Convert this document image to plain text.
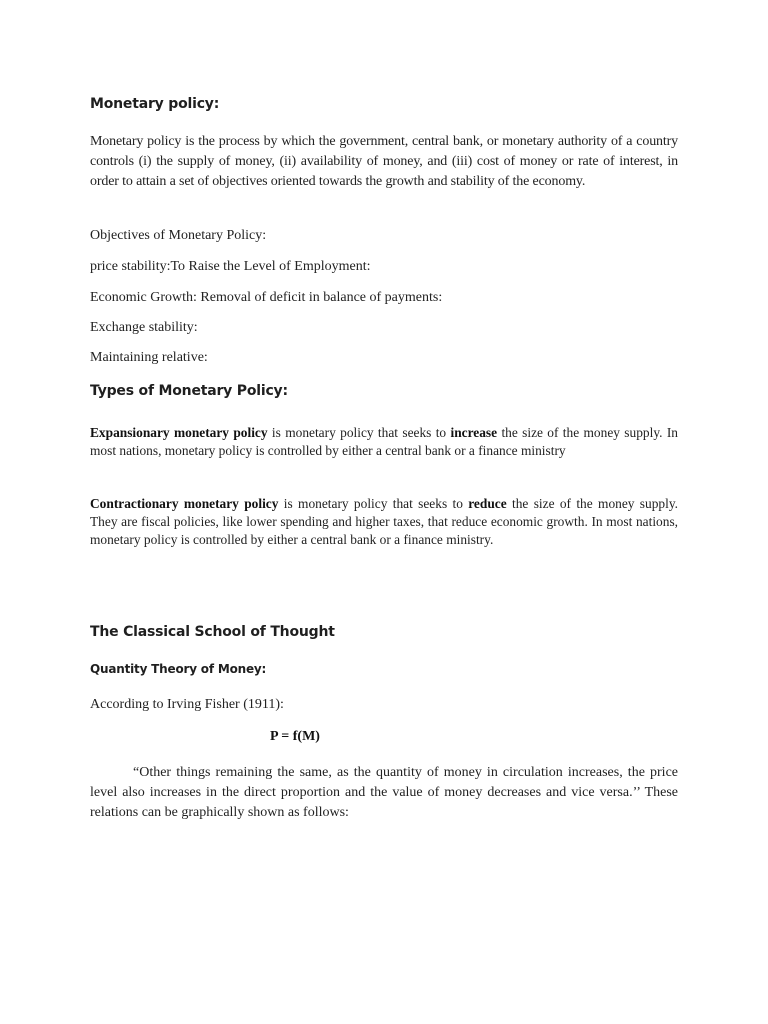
Monetary policy:

Monetary policy is the process by which the government, central bank, or monetary authority of a country controls (i) the supply of money, (ii) availability of money, and (iii) cost of money or rate of interest, in order to attain a set of objectives oriented towards the growth and stability of the economy.

Objectives of Monetary Policy:

price stability:To Raise the Level of Employment:

Economic Growth: Removal of deficit in balance of payments:

Exchange stability:

Maintaining relative:

Types of Monetary Policy:

Expansionary monetary policy is monetary policy that seeks to increase the size of the money supply. In most nations, monetary policy is controlled by either a central bank or a finance ministry

Contractionary monetary policy is monetary policy that seeks to reduce the size of the money supply. They are fiscal policies, like lower spending and higher taxes, that reduce economic growth. In most nations, monetary policy is controlled by either a central bank or a finance ministry.

The Classical School of Thought
Quantity Theory of Money:

According to Irving Fisher (1911):

P = f(M)

“Other things remaining the same, as the quantity of money in circulation increases, the price level also increases in the direct proportion and the value of money decreases and vice versa.’’ These relations can be graphically shown as follows:
